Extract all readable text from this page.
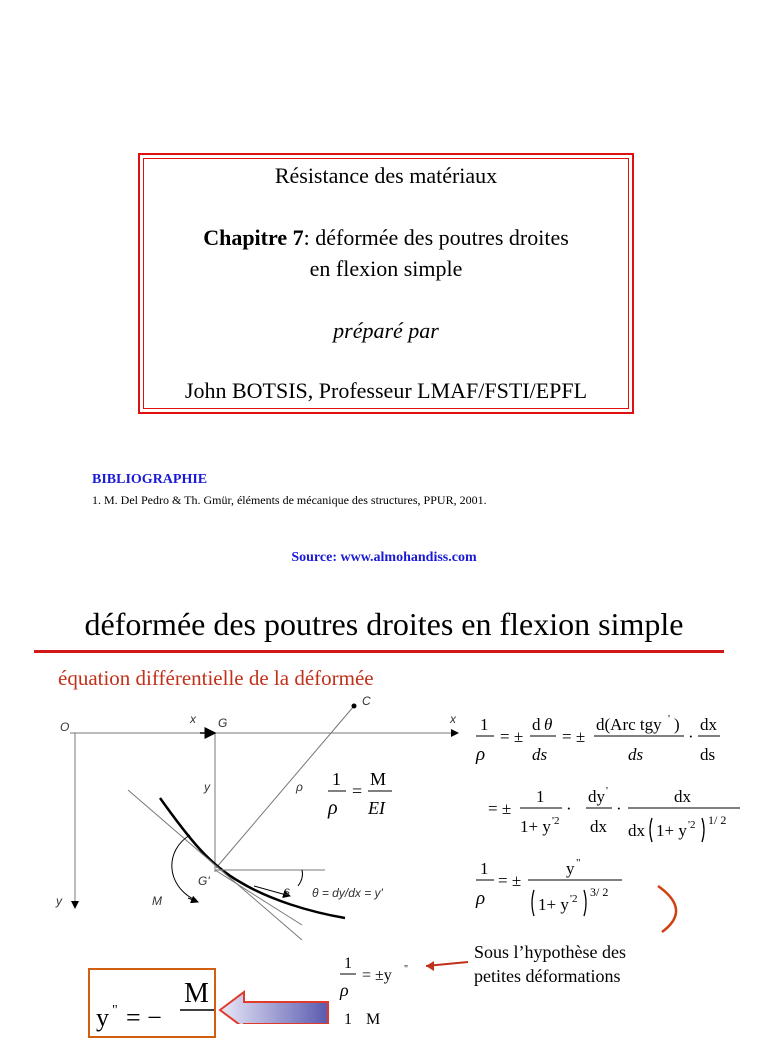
Résistance des matériaux
Chapitre 7: déformée des poutres droites
en flexion simple
préparé par
John BOTSIS, Professeur LMAF/FSTI/EPFL
BIBLIOGRAPHIE
1. M. Del Pedro & Th. Gmür, éléments de mécanique des structures, PPUR, 2001.
Source: www.almohandiss.com
déformée des poutres droites en flexion simple
équation différentielle de la déformée
O
x G
C
x
y	ρ
G'
s θ = dy/dx = y'
y	M
1
ρ
=
M
EI
1
ρ
= ±
d θ
ds
= ±
d(Arc tgy ' )
ds
·
dx
ds
= ±
1
1+ y '2
·
dy '
dx
·
dx
dx 1+ y '2 1/ 2
1
ρ
= ±
y "
1+ y '2 3/ 2
1
ρ
= ±y "
1 M
Sous l’hypothèse des
petites déformations
y " = −
M
